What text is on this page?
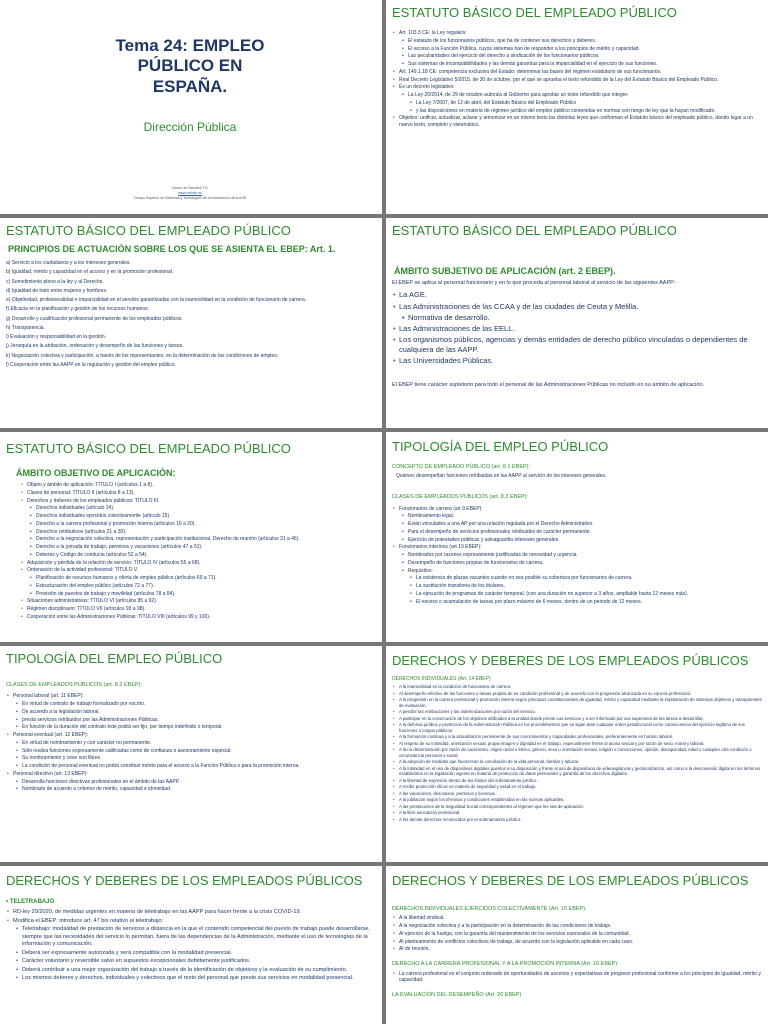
Tema 24: EMPLEO
PÚBLICO EN
ESPAÑA.
Dirección Pública
Centro de Estudios TIC
www.cetictic.es
Cuerpo Superior de Sistemas y Tecnologías de la Información de la AGE
ESTATUTO BÁSICO DEL EMPLEADO PÚBLICO
• Art. 103.3 CE: la Ley regulará:
• El estatuto de los funcionarios públicos, que ha de contener sus derechos y deberes.
• El acceso a la Función Pública, cuyos sistemas han de responder a los principios de mérito y capacidad.
• Las peculiaridades del ejercicio del derecho a sindicación de los funcionarios públicos.
• Sus sistemas de incompatibilidades y las demás garantías para la imparcialidad en el ejercicio de sus funciones.
• Art. 149.1.18 CE: competencia exclusiva del Estado: determinar las bases del régimen estatutario de sus funcionarios.
• Real Decreto Legislativo 5/2015, de 30 de octubre, por el que se aprueba el texto refundido de la Ley del Estatuto Básico del Empleado Público.
• Es un decreto legislativo:
• La Ley 20/2014, de 29 de octubre autoriza al Gobierno para aprobar un texto refundido que integre:
• La Ley 7/2007, de 12 de abril, del Estatuto Básico del Empleado Público
• y las disposiciones en materia de régimen jurídico del empleo público contenidas en normas con rango de ley que la hayan modificado.
• Objetivo: unificar, actualizar, aclarar y armonizar en un mismo texto las distintas leyes que conforman el Estatuto básico del empleado público, dando lugar a un nuevo texto, completo y sistemático.
ESTATUTO BÁSICO DEL EMPLEADO PÚBLICO
PRINCIPIOS DE ACTUACIÓN SOBRE LOS QUE SE ASIENTA EL EBEP: Art. 1.

a) Servicio a los ciudadanos y a los intereses generales.

b) Igualdad, mérito y capacidad en el acceso y en la promoción profesional.

c) Sometimiento pleno a la ley y al Derecho.

d) Igualdad de trato entre mujeres y hombres.

e) Objetividad, profesionalidad e imparcialidad en el servicio garantizadas con la inamovilidad en la condición de funcionario de carrera.

f) Eficacia en la planificación y gestión de los recursos humanos.

g) Desarrollo y cualificación profesional permanente de los empleados públicos.

h) Transparencia.

i) Evaluación y responsabilidad en la gestión.

j) Jerarquía en la atribución, ordenación y desempeño de las funciones y tareas.

k) Negociación colectiva y participación, a través de los representantes, en la determinación de las condiciones de empleo.

l) Cooperación entre las AAPP en la regulación y gestión del empleo público.

ESTATUTO BÁSICO DEL EMPLEADO PÚBLICO
ÁMBITO SUBJETIVO DE APLICACIÓN (art. 2 EBEP).

El EBEP se aplica al personal funcionario y en lo que proceda al personal laboral al servicio de las siguientes AAPP:

• La AGE.
• Las Administraciones de las CCAA y de las ciudades de Ceuta y Melilla.
• Normativa de desarrollo.
• Las Administraciones de las EELL.
• Los organismos públicos, agencias y demás entidades de derecho público vinculadas o dependientes de cualquiera de las AAPP.
• Las Universidades Públicas.

El EBEP tiene carácter supletorio para todo el personal de las Administraciones Públicas no incluido en su ámbito de aplicación.

ESTATUTO BÁSICO DEL EMPLEADO PÚBLICO
ÁMBITO OBJETIVO DE APLICACIÓN:
• Objeto y ámbito de aplicación: TÍTULO I (artículos 1 a 8).
• Clases de personal: TÍTULO II (artículos 8 a 13).
• Derechos y deberes de los empleados públicos: TÍTULO III.
• Derechos individuales (artículo 14).
• Derechos individuales ejercidos colectivamente (artículo 15).
• Derecho a la carrera profesional y promoción interna (artículos 16 a 20).
• Derechos retributivos (artículos 21 a 30).
• Derecho a la negociación colectiva, representación y participación institucional. Derecho de reunión (artículos 31 a 46).
• Derecho a la jornada de trabajo, permisos y vacaciones (artículos 47 a 51).
• Deberes y Código de conducta (artículos 52 a 54).
• Adquisición y pérdida de la relación de servicio: TÍTULO IV (artículos 55 a 68).
• Ordenación de la actividad profesional: TÍTULO V.
• Planificación de recursos humanos y oferta de empleo público (artículos 69 a 71).
• Estructuración del empleo público (artículos 72 a 77).
• Provisión de puestos de trabajo y movilidad (artículos 78 a 84).
• Situaciones administrativas: TÍTULO VI (artículos 85 a 92).
• Régimen disciplinario: TÍTULO VII (artículos 93 a 98).
• Cooperación entre las Administraciones Públicas: TÍTULO VIII (artículos 99 y 100).
TIPOLOGÍA DEL EMPLEO PÚBLICO

CONCEPTO DE EMPLEADO PÚBLICO (art. 8.1 EBEP):

Quienes desempeñan funciones retribuidas en las AAPP al servicio de los intereses generales.

CLASES DE EMPLEADOS PÚBLICOS (art. 8.2 EBEP):

• Funcionarios de carrera (art 9 EBEP):
• Nombramiento legal.
• Están vinculados a una AP por una relación regulada por el Derecho Administrativo.
• Para el desempeño de servicios profesionales retribuidos de carácter permanente.
• Ejercicio de potestades públicas y salvaguardia intereses generales.
• Funcionarios interinos (art 10 EBEP):
• Nombrados por razones expresamente justificadas de necesidad y urgencia.
• Desempeño de funciones propias de funcionarios de carrera.
• Requisitos:
• La existencia de plazas vacantes cuando no sea posible su cobertura por funcionarios de carrera.
• La sustitución transitoria de los titulares.
• La ejecución de programas de carácter temporal, (con una duración no superior a 3 años, ampliable hasta 12 meses más).
• El exceso o acumulación de tareas por plazo máximo de 6 meses, dentro de un periodo de 12 meses.
TIPOLOGÍA DEL EMPLEO PÚBLICO

CLASES DE EMPLEADOS PÚBLICOS (art. 8.2 EBEP):

• Personal laboral (art. 11 EBEP):
• En virtud de contrato de trabajo formalizado por escrito.
• De acuerdo a la legislación laboral.
• presta servicios retribuidos por las Administraciones Públicas.
• En función de la duración del contrato éste podrá ser fijo, por tiempo indefinido o temporal.
• Personal eventual (art. 12 EBEP):
• En virtud de nombramiento y con carácter no permanente.
• Sólo realiza funciones expresamente calificadas como de confianza o asesoramiento especial.
• Su nombramiento y cese son libres.
• La condición de personal eventual no podrá constituir mérito para el acceso a la Función Pública o para la promoción interna.
• Personal directivo (art. 13 EBEP):
• Desarrolla funciones directivas profesionales en el ámbito de las AAPP.
• Nombrado de acuerdo a criterios de mérito, capacidad e idoneidad.
DERECHOS Y DEBERES DE LOS EMPLEADOS PÚBLICOS

DERECHOS INDIVIDUALES (Art. 14 EBEP)

• A la inamovilidad en la condición de funcionario de carrera.
• Al desempeño efectivo de las funciones o tareas propias de su condición profesional y de acuerdo con la progresión alcanzada en su carrera profesional.
• A la progresión en la carrera profesional y promoción interna según principios constitucionales de igualdad, mérito y capacidad mediante la implantación de sistemas objetivos y transparentes de evaluación.
• A percibir las retribuciones y las indemnizaciones por razón del servicio.
• A participar en la consecución de los objetivos atribuidos a la unidad donde preste sus servicios y a ser informado por sus superiores de las tareas a desarrollar.
• A la defensa jurídica y protección de la Administración Pública en los procedimientos que se sigan ante cualquier orden jurisdiccional como consecuencia del ejercicio legítimo de sus funciones o cargos públicos.
• A la formación continua y a la actualización permanente de sus conocimientos y capacidades profesionales, preferentemente en horario laboral.
• Al respeto de su intimidad, orientación sexual, propia imagen y dignidad en el trabajo, especialmente frente al acoso sexual y por razón de sexo, moral y laboral.
• A la no discriminación por razón de nacimiento, origen racial o étnico, género, sexo u orientación sexual, religión o convicciones, opinión, discapacidad, edad o cualquier otra condición o circunstancia personal o social.
• A la adopción de medidas que favorezcan la conciliación de la vida personal, familiar y laboral.
• A la intimidad en el uso de dispositivos digitales puestos a su disposición y frente al uso de dispositivos de videovigilancia y geolocalización, así como a la desconexión digital en los términos establecidos en la legislación vigente en materia de protección de datos personales y garantía de los derechos digitales.
• A la libertad de expresión dentro de los límites del ordenamiento jurídico.
• A recibir protección eficaz en materia de seguridad y salud en el trabajo.
• A las vacaciones, descansos, permisos y licencias.
• A la jubilación según los términos y condiciones establecidas en las normas aplicables.
• A las prestaciones de la Seguridad Social correspondientes al régimen que les sea de aplicación.
• A la libre asociación profesional.
• A los demás derechos reconocidos por el ordenamiento jurídico.
DERECHOS Y DEBERES DE LOS EMPLEADOS PÚBLICOS

• TELETRABAJO

• RD-ley 29/2020, de medidas urgentes en materia de teletrabajo en las AAPP para hacer frente a la crisis COVID-19.
• Modifica el EBEP: introduce art. 47 bis relativo al teletrabajo:
• Teletrabajo: modalidad de prestación de servicios a distancia en la que el contenido competencial del puesto de trabajo puede desarrollarse, siempre que las necesidades del servicio lo permitan, fuera de las dependencias de la Administración, mediante el uso de tecnologías de la información y comunicación.
• Deberá ser expresamente autorizada y será compatible con la modalidad presencial.
• Carácter voluntario y reversible salvo en supuestos excepcionales debidamente justificados.
• Deberá contribuir a una mejor organización del trabajo a través de la identificación de objetivos y la evaluación de su cumplimiento.
• Los mismos deberes y derechos, individuales y colectivos que el resto del personal que preste sus servicios en modalidad presencial.
DERECHOS Y DEBERES DE LOS EMPLEADOS PÚBLICOS

DERECHOS INDIVIDUALES EJERCIDOS COLECTIVAMENTE (Art. 15 EBEP).

• A la libertad sindical.
• A la negociación colectiva y a la participación en la determinación de las condiciones de trabajo.
• Al ejercicio de la huelga, con la garantía del mantenimiento de los servicios esenciales de la comunidad.
• Al planteamiento de conflictos colectivos de trabajo, de acuerdo con la legislación aplicable en cada caso.
• Al de reunión.

DERECHO A LA CARRERA PROFESIONAL Y A LA PROMOCIÓN INTERNA (Art. 16 EBEP):

• La carrera profesional es el conjunto ordenado de oportunidades de ascenso y expectativas de progreso profesional conforme a los principios de igualdad, mérito y capacidad.

LA EVALUACIÓN DEL DESEMPEÑO (Art. 20 EBEP).
